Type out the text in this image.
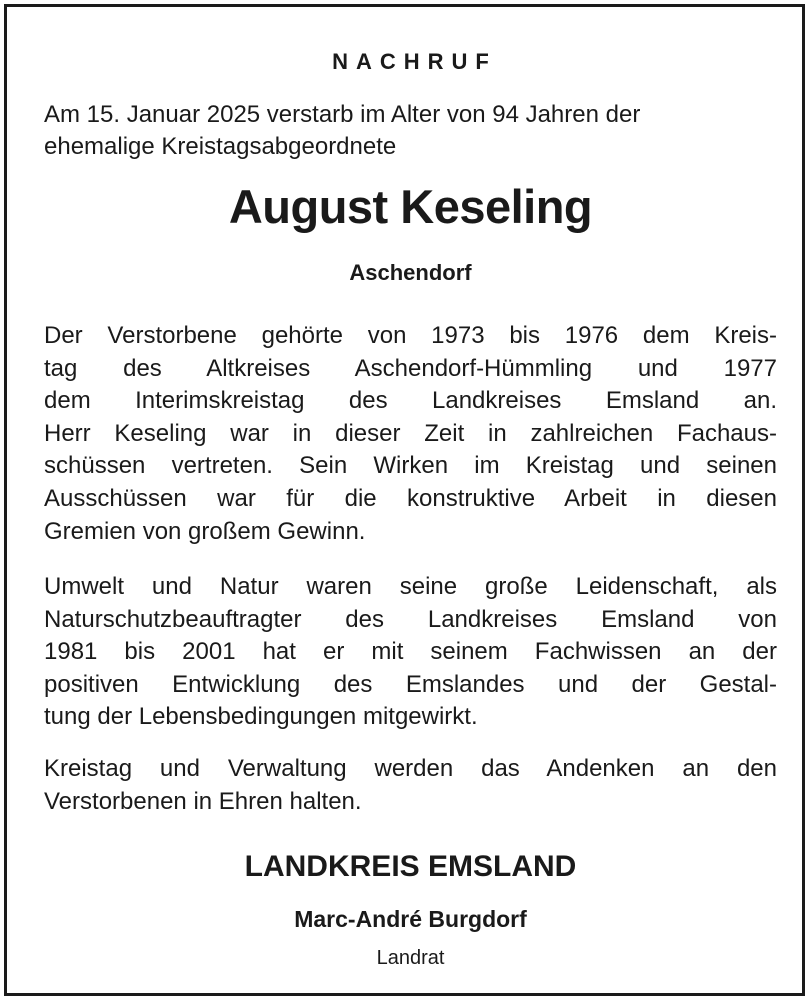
NACHRUF
Am 15. Januar 2025 verstarb im Alter von 94 Jahren der
ehemalige Kreistagsabgeordnete
August Keseling
Aschendorf
Der Verstorbene gehörte von 1973 bis 1976 dem Kreis-
tag des Altkreises Aschendorf-Hümmling und 1977
dem Interimskreistag des Landkreises Emsland an.
Herr Keseling war in dieser Zeit in zahlreichen Fachaus-
schüssen vertreten. Sein Wirken im Kreistag und seinen
Ausschüssen war für die konstruktive Arbeit in diesen
Gremien von großem Gewinn.
Umwelt und Natur waren seine große Leidenschaft, als
Naturschutzbeauftragter des Landkreises Emsland von
1981 bis 2001 hat er mit seinem Fachwissen an der
positiven Entwicklung des Emslandes und der Gestal-
tung der Lebensbedingungen mitgewirkt.
Kreistag und Verwaltung werden das Andenken an den
Verstorbenen in Ehren halten.
LANDKREIS EMSLAND
Marc-André Burgdorf
Landrat
